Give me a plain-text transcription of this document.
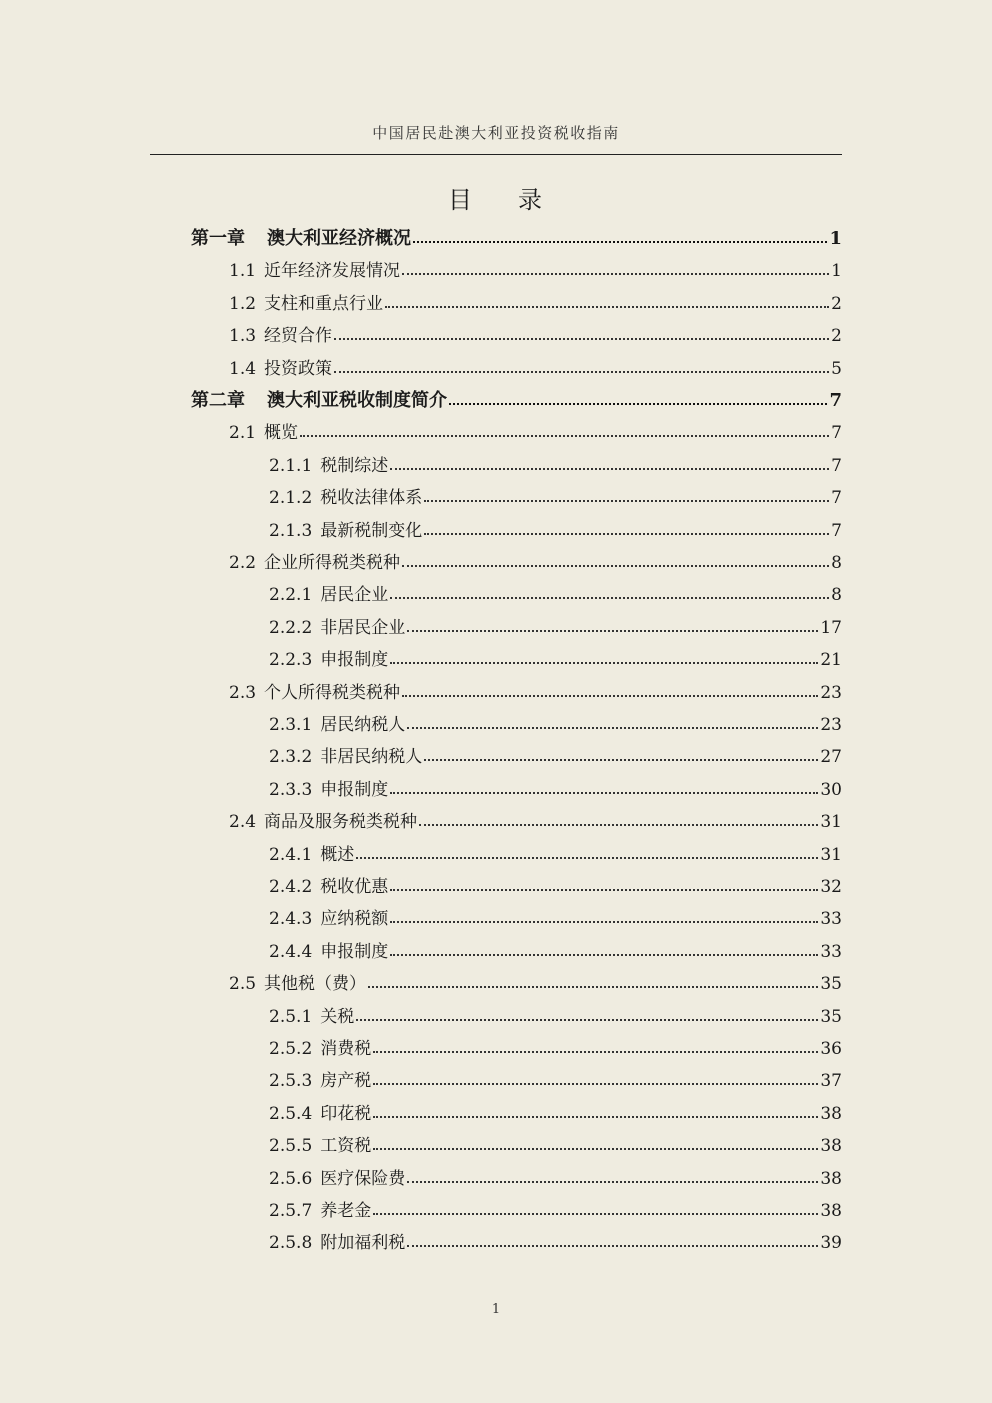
中国居民赴澳大利亚投资税收指南
目 录
第一章 澳大利亚经济概况	1
1.1 近年经济发展情况	1
1.2 支柱和重点行业	2
1.3 经贸合作	2
1.4 投资政策	5
第二章 澳大利亚税收制度简介	7
2.1 概览	7
2.1.1 税制综述	7
2.1.2 税收法律体系	7
2.1.3 最新税制变化	7
2.2 企业所得税类税种	8
2.2.1 居民企业	8
2.2.2 非居民企业	17
2.2.3 申报制度	21
2.3 个人所得税类税种	23
2.3.1 居民纳税人	23
2.3.2 非居民纳税人	27
2.3.3 申报制度	30
2.4 商品及服务税类税种	31
2.4.1 概述	31
2.4.2 税收优惠	32
2.4.3 应纳税额	33
2.4.4 申报制度	33
2.5 其他税（费）	35
2.5.1 关税	35
2.5.2 消费税	36
2.5.3 房产税	37
2.5.4 印花税	38
2.5.5 工资税	38
2.5.6 医疗保险费	38
2.5.7 养老金	38
2.5.8 附加福利税	39
1
